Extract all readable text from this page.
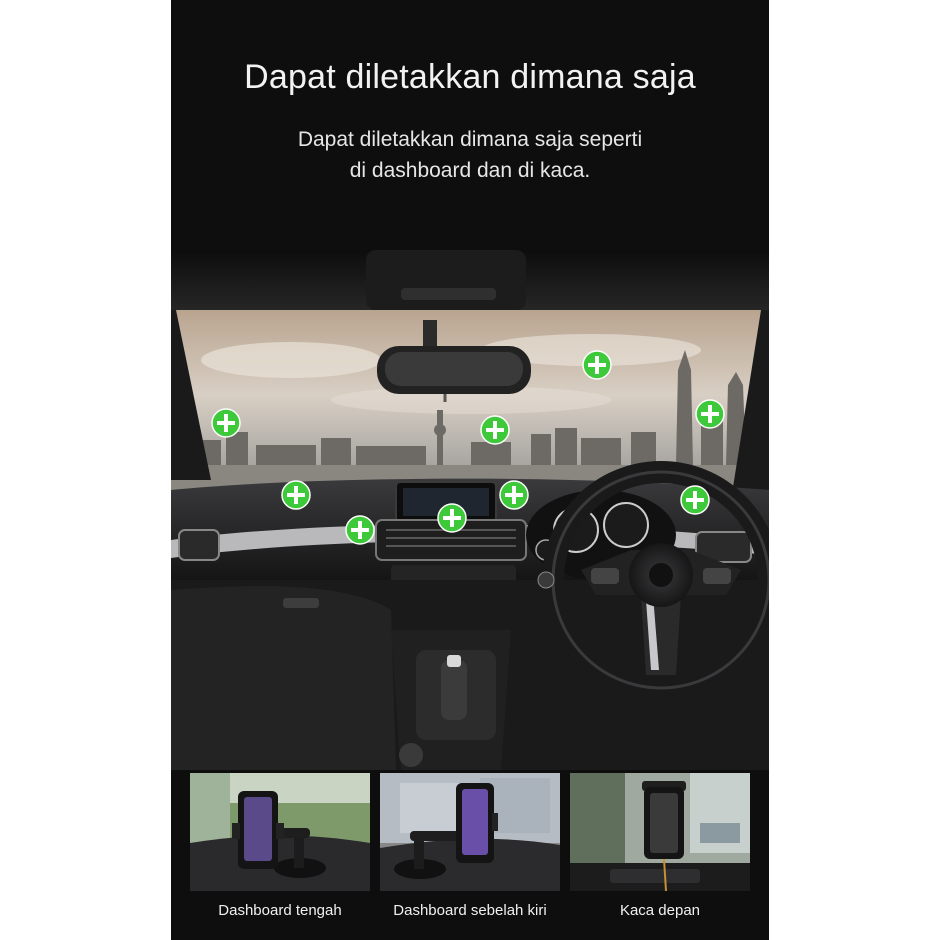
Dapat diletakkan dimana saja
Dapat diletakkan dimana saja seperti
di dashboard dan di kaca.
Dashboard tengah	Dashboard sebelah kiri	Kaca depan
